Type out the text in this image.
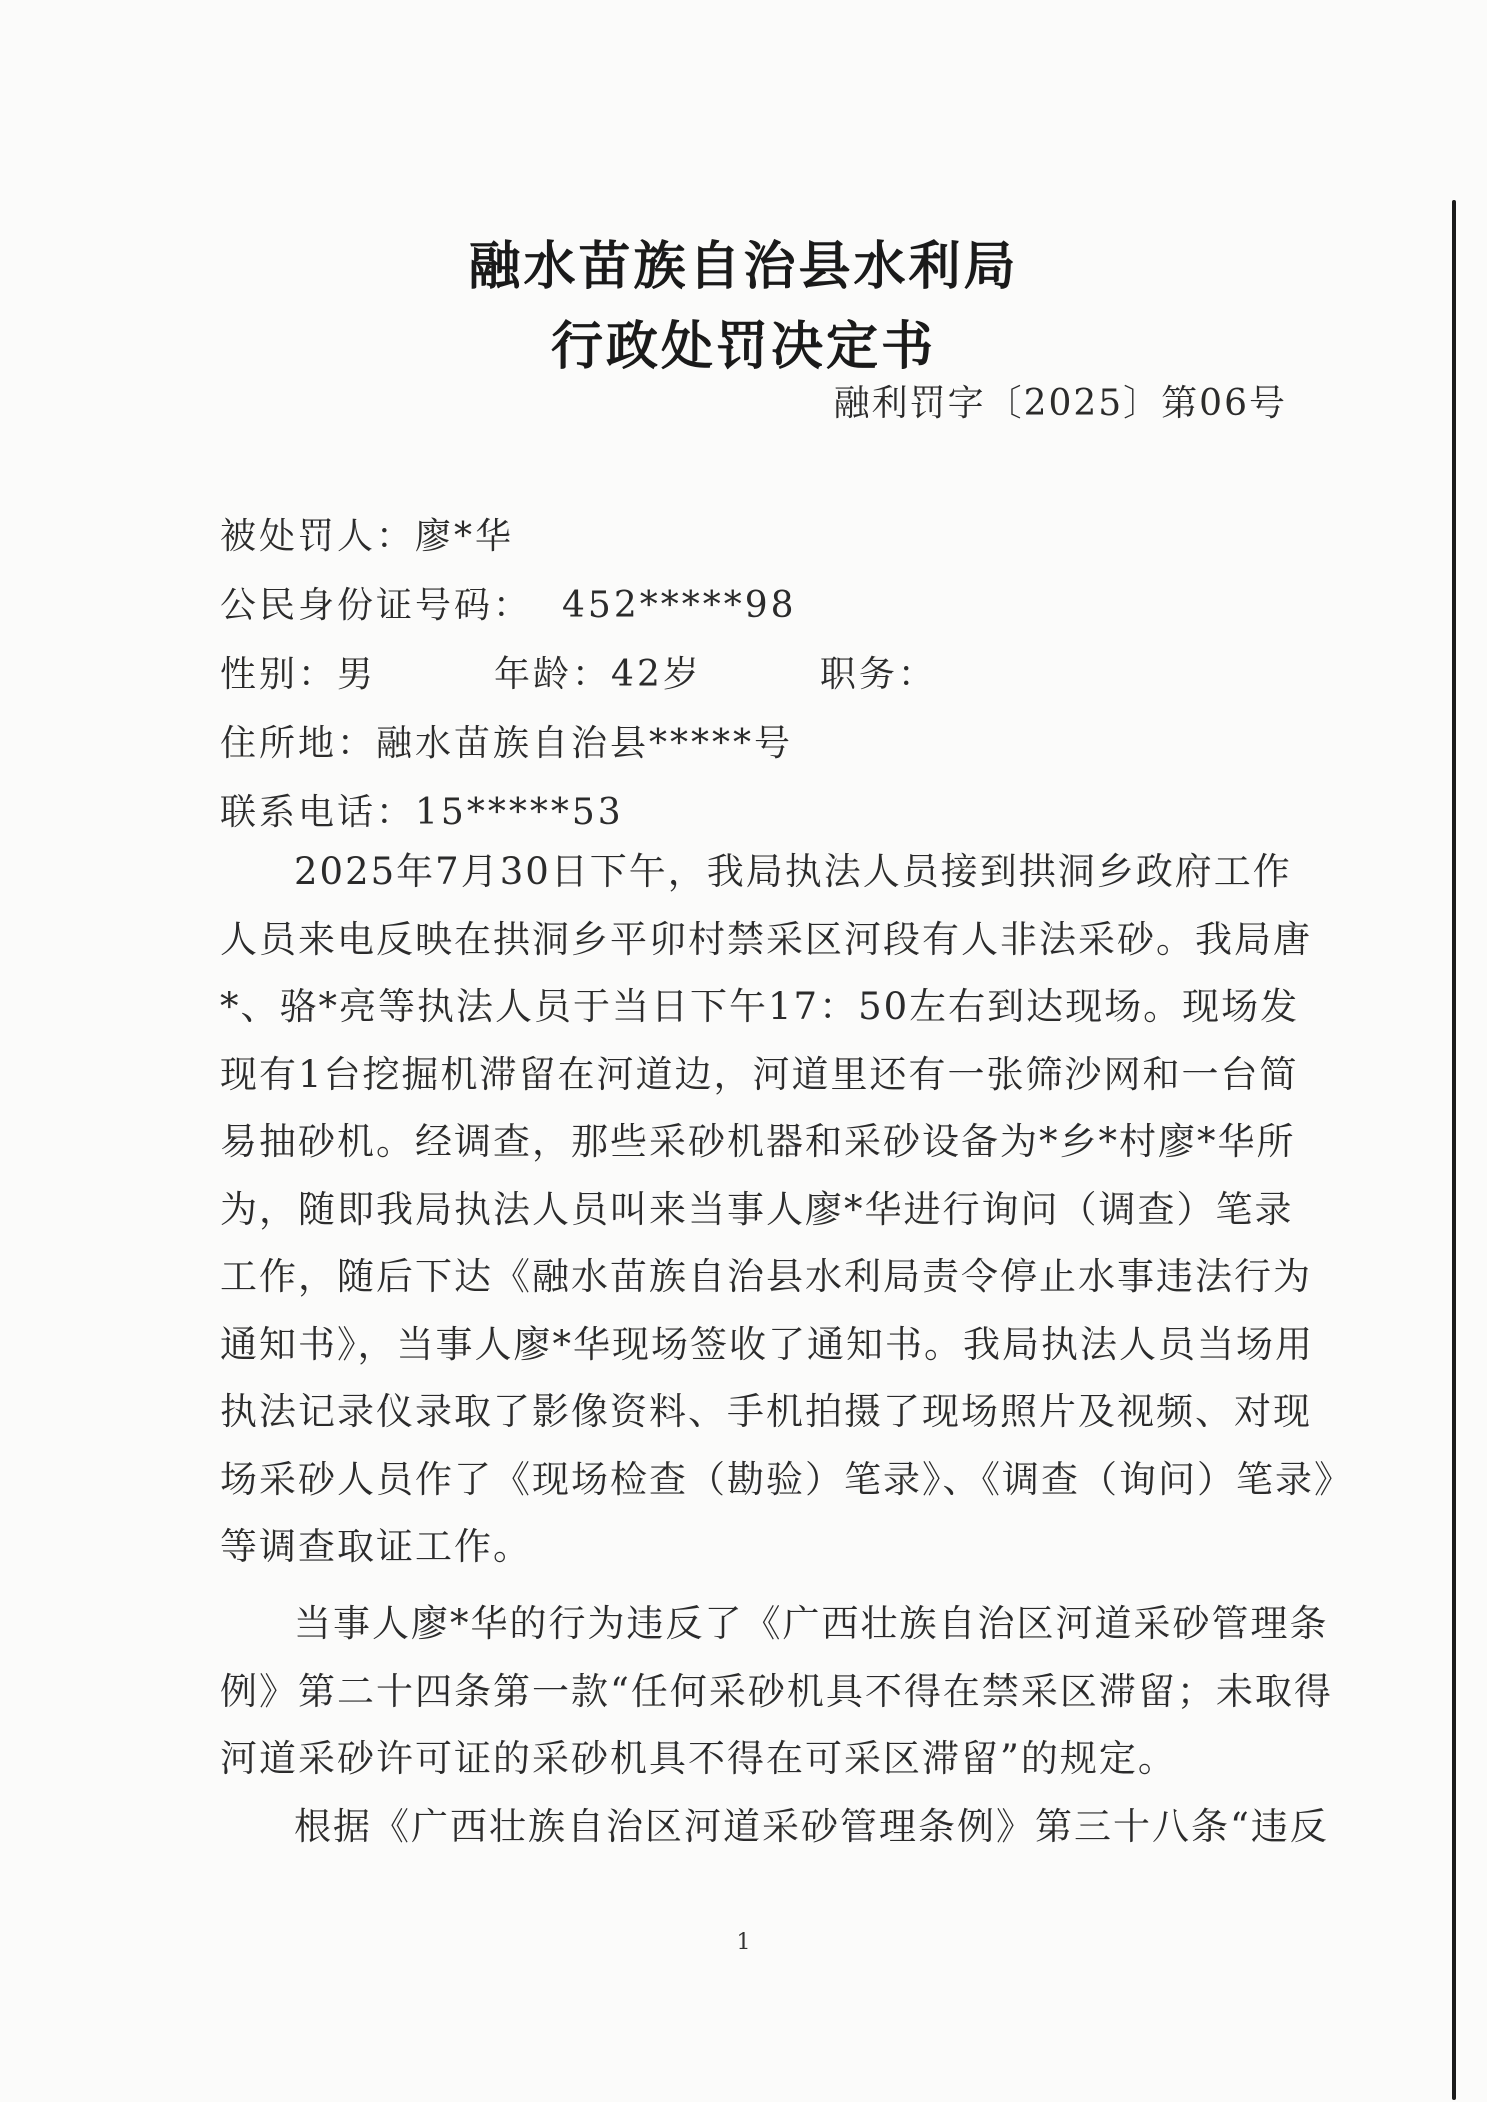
融水苗族自治县水利局
行政处罚决定书
融利罚字〔2025〕第06号
被处罚人：廖*华
公民身份证号码： 452*****98
性别：男	年龄：42岁	职务：
住所地：融水苗族自治县*****号
联系电话：15*****53
2025年7月30日下午，我局执法人员接到拱洞乡政府工作
人员来电反映在拱洞乡平卯村禁采区河段有人非法采砂。我局唐
*、骆*亮等执法人员于当日下午17：50左右到达现场。现场发
现有1台挖掘机滞留在河道边，河道里还有一张筛沙网和一台简
易抽砂机。经调查，那些采砂机器和采砂设备为*乡*村廖*华所
为，随即我局执法人员叫来当事人廖*华进行询问（调查）笔录
工作，随后下达《融水苗族自治县水利局责令停止水事违法行为
通知书》，当事人廖*华现场签收了通知书。我局执法人员当场用
执法记录仪录取了影像资料、手机拍摄了现场照片及视频、对现
场采砂人员作了《现场检查（勘验）笔录》、《调查（询问）笔录》
等调查取证工作。
当事人廖*华的行为违反了《广西壮族自治区河道采砂管理条
例》第二十四条第一款“任何采砂机具不得在禁采区滞留；未取得
河道采砂许可证的采砂机具不得在可采区滞留”的规定。
根据《广西壮族自治区河道采砂管理条例》第三十八条“违反
1
